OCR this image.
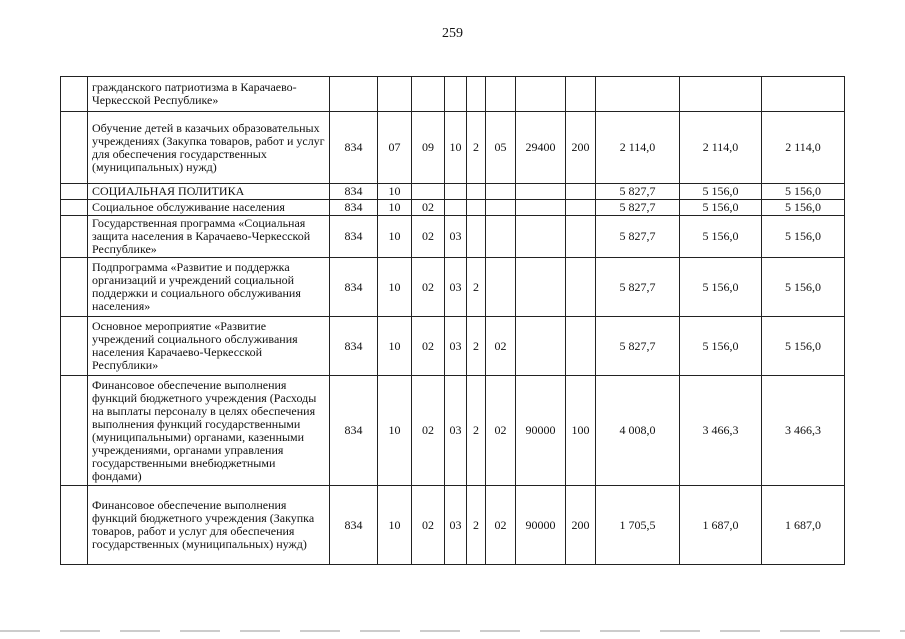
259
	гражданского патриотизма в Карачаево-Черкесской Республике»											
	Обучение детей в казачьих образовательных учреждениях (Закупка товаров, работ и услуг для обеспечения государственных (муниципальных) нужд)	834	07	09	10	2	05	29400	200	2 114,0	2 114,0	2 114,0
	СОЦИАЛЬНАЯ ПОЛИТИКА	834	10							5 827,7	5 156,0	5 156,0
	Социальное обслуживание населения	834	10	02						5 827,7	5 156,0	5 156,0
	Государственная программа «Социальная защита населения в Карачаево-Черкесской Республике»	834	10	02	03					5 827,7	5 156,0	5 156,0
	Подпрограмма «Развитие и поддержка организаций и учреждений социальной поддержки и социального обслуживания населения»	834	10	02	03	2				5 827,7	5 156,0	5 156,0
	Основное мероприятие «Развитие учреждений социального обслуживания населения Карачаево-Черкесской Республики»	834	10	02	03	2	02			5 827,7	5 156,0	5 156,0
	Финансовое обеспечение выполнения функций бюджетного учреждения (Расходы на выплаты персоналу в целях обеспечения выполнения функций государственными (муниципальными) органами, казенными учреждениями, органами управления государственными внебюджетными фондами)	834	10	02	03	2	02	90000	100	4 008,0	3 466,3	3 466,3
	Финансовое обеспечение выполнения функций бюджетного учреждения (Закупка товаров, работ и услуг для обеспечения государственных (муниципальных) нужд)	834	10	02	03	2	02	90000	200	1 705,5	1 687,0	1 687,0
